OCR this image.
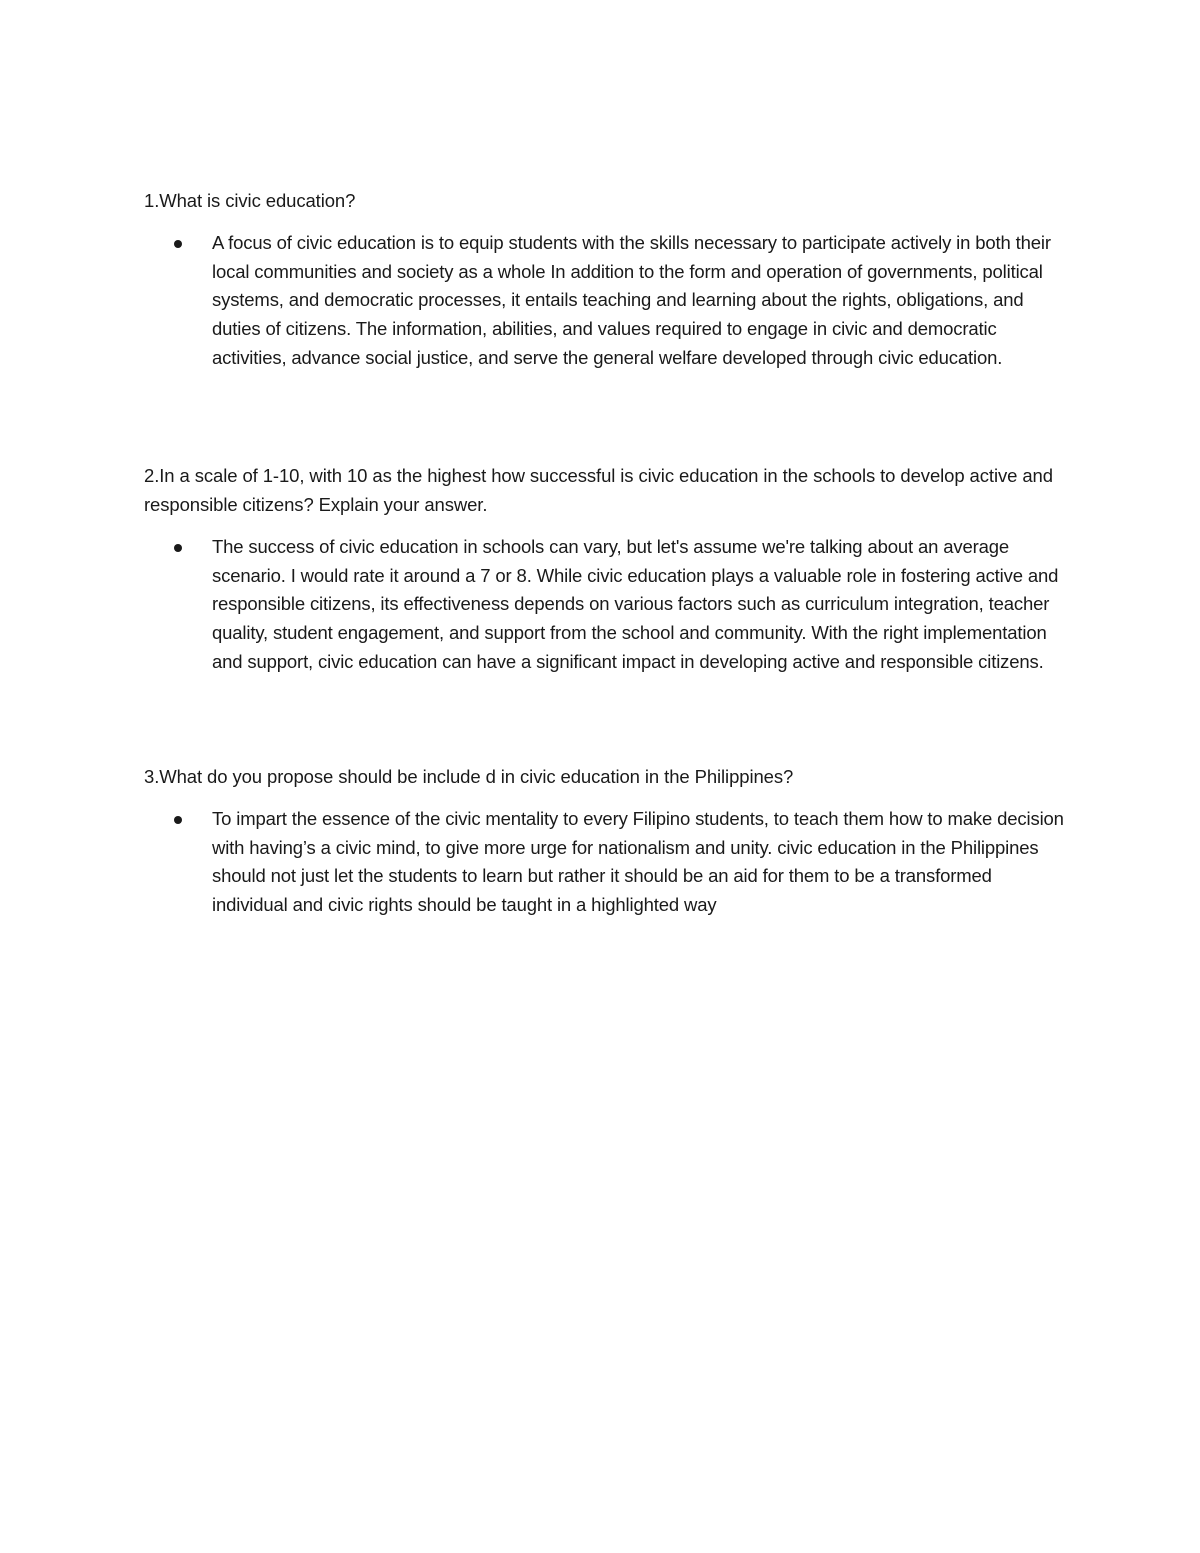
1.What is civic education?

A focus of civic education is to equip students with the skills necessary to participate actively in both their local communities and society as a whole In addition to the form and operation of governments, political systems, and democratic processes, it entails teaching and learning about the rights, obligations, and duties of citizens. The information, abilities, and values required to engage in civic and democratic activities, advance social justice, and serve the general welfare developed through civic education.

2.In a scale of 1-10, with 10 as the highest how successful is civic education in the schools to develop active and responsible citizens? Explain your answer.

The success of civic education in schools can vary, but let's assume we're talking about an average scenario. I would rate it around a 7 or 8. While civic education plays a valuable role in fostering active and responsible citizens, its effectiveness depends on various factors such as curriculum integration, teacher quality, student engagement, and support from the school and community. With the right implementation and support, civic education can have a significant impact in developing active and responsible citizens.

3.What do you propose should be include d in civic education in the Philippines?

To impart the essence of the civic mentality to every Filipino students, to teach them how to make decision with having’s a civic mind, to give more urge for nationalism and unity. civic education in the Philippines should not just let the students to learn but rather it should be an aid for them to be a transformed individual and civic rights should be taught in a highlighted way
